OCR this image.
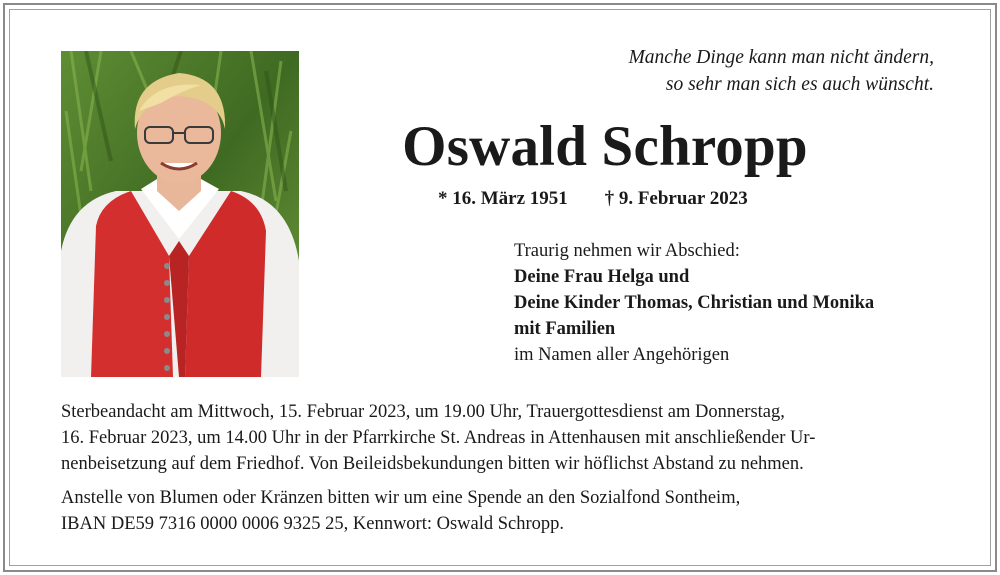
Manche Dinge kann man nicht ändern,
so sehr man sich es auch wünscht.
Oswald Schropp
* 16. März 1951 † 9. Februar 2023
Traurig nehmen wir Abschied:
Deine Frau Helga und
Deine Kinder Thomas, Christian und Monika
mit Familien
im Namen aller Angehörigen
Sterbeandacht am Mittwoch, 15. Februar 2023, um 19.00 Uhr, Trauergottesdienst am Donnerstag,
16. Februar 2023, um 14.00 Uhr in der Pfarrkirche St. Andreas in Attenhausen mit anschließender Ur-
nenbeisetzung auf dem Friedhof. Von Beileidsbekundungen bitten wir höflichst Abstand zu nehmen.
Anstelle von Blumen oder Kränzen bitten wir um eine Spende an den Sozialfond Sontheim,
IBAN DE59 7316 0000 0006 9325 25, Kennwort: Oswald Schropp.
